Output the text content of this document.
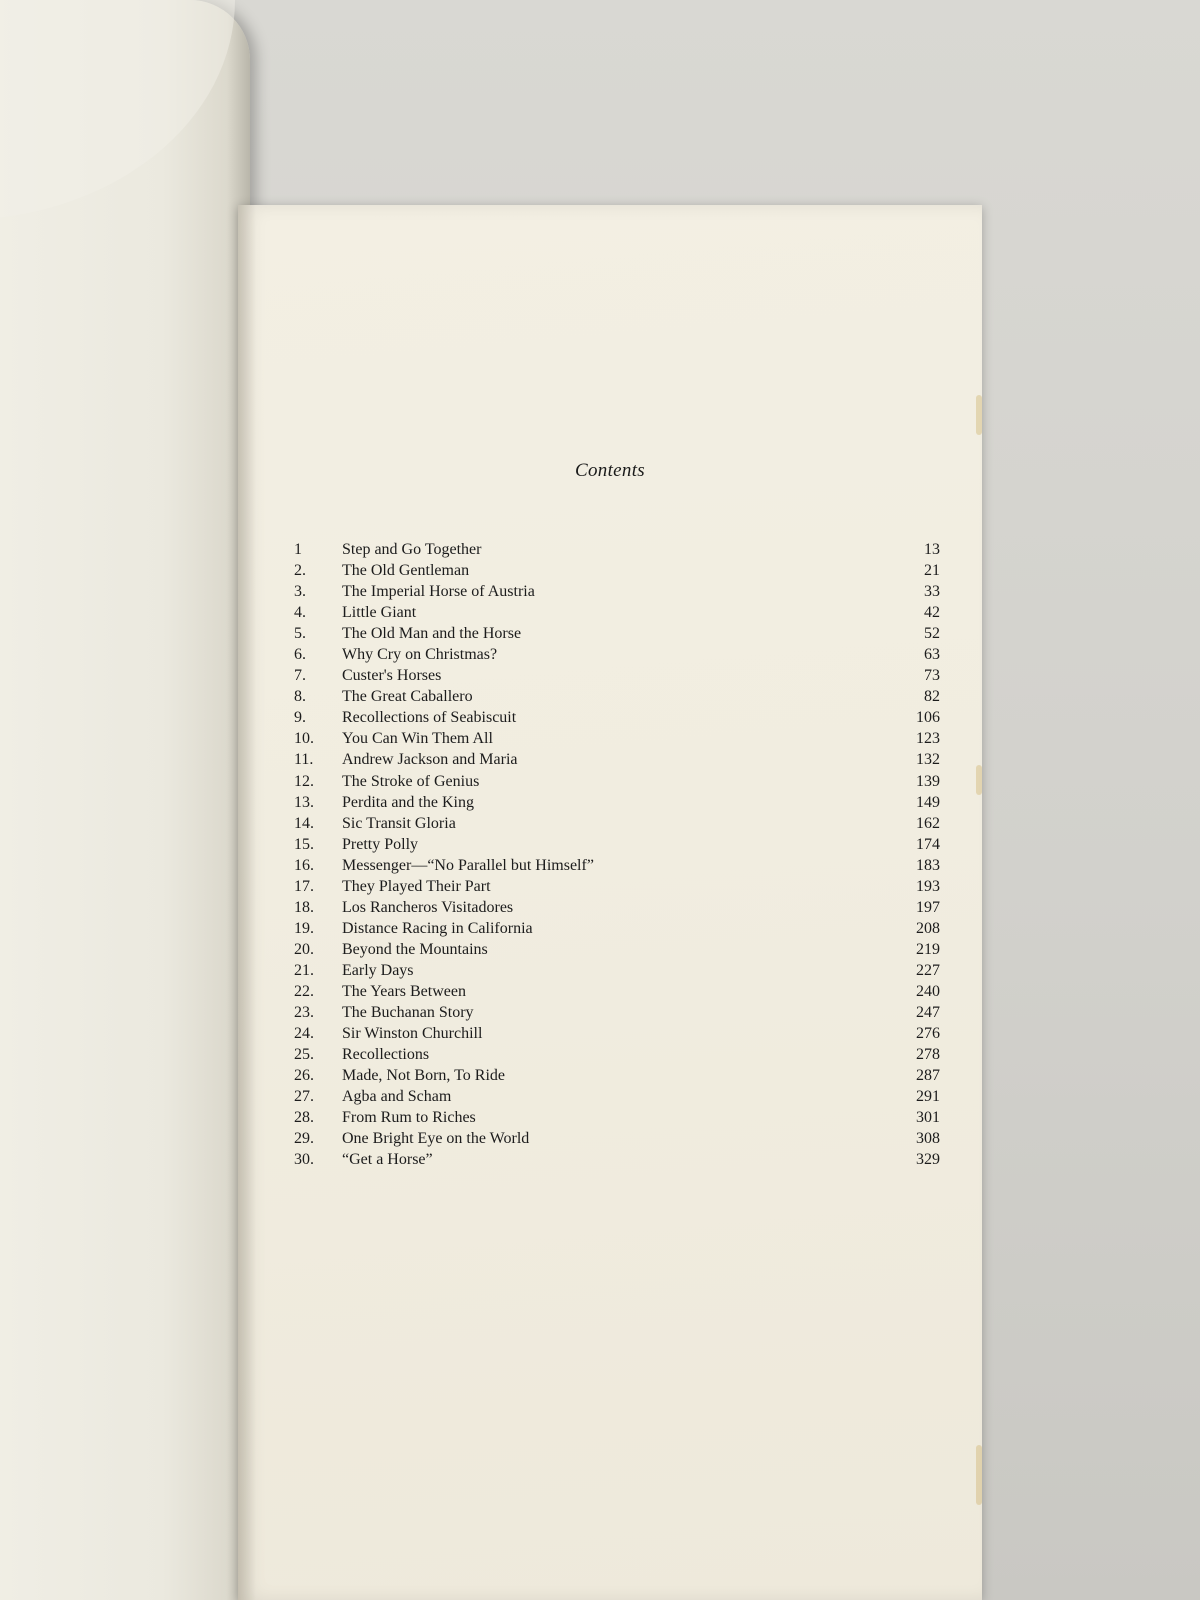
Contents
1	Step and Go Together	13
2.	The Old Gentleman	21
3.	The Imperial Horse of Austria	33
4.	Little Giant	42
5.	The Old Man and the Horse	52
6.	Why Cry on Christmas?	63
7.	Custer's Horses	73
8.	The Great Caballero	82
9.	Recollections of Seabiscuit	106
10.	You Can Win Them All	123
11.	Andrew Jackson and Maria	132
12.	The Stroke of Genius	139
13.	Perdita and the King	149
14.	Sic Transit Gloria	162
15.	Pretty Polly	174
16.	Messenger—“No Parallel but Himself”	183
17.	They Played Their Part	193
18.	Los Rancheros Visitadores	197
19.	Distance Racing in California	208
20.	Beyond the Mountains	219
21.	Early Days	227
22.	The Years Between	240
23.	The Buchanan Story	247
24.	Sir Winston Churchill	276
25.	Recollections	278
26.	Made, Not Born, To Ride	287
27.	Agba and Scham	291
28.	From Rum to Riches	301
29.	One Bright Eye on the World	308
30.	“Get a Horse”	329
